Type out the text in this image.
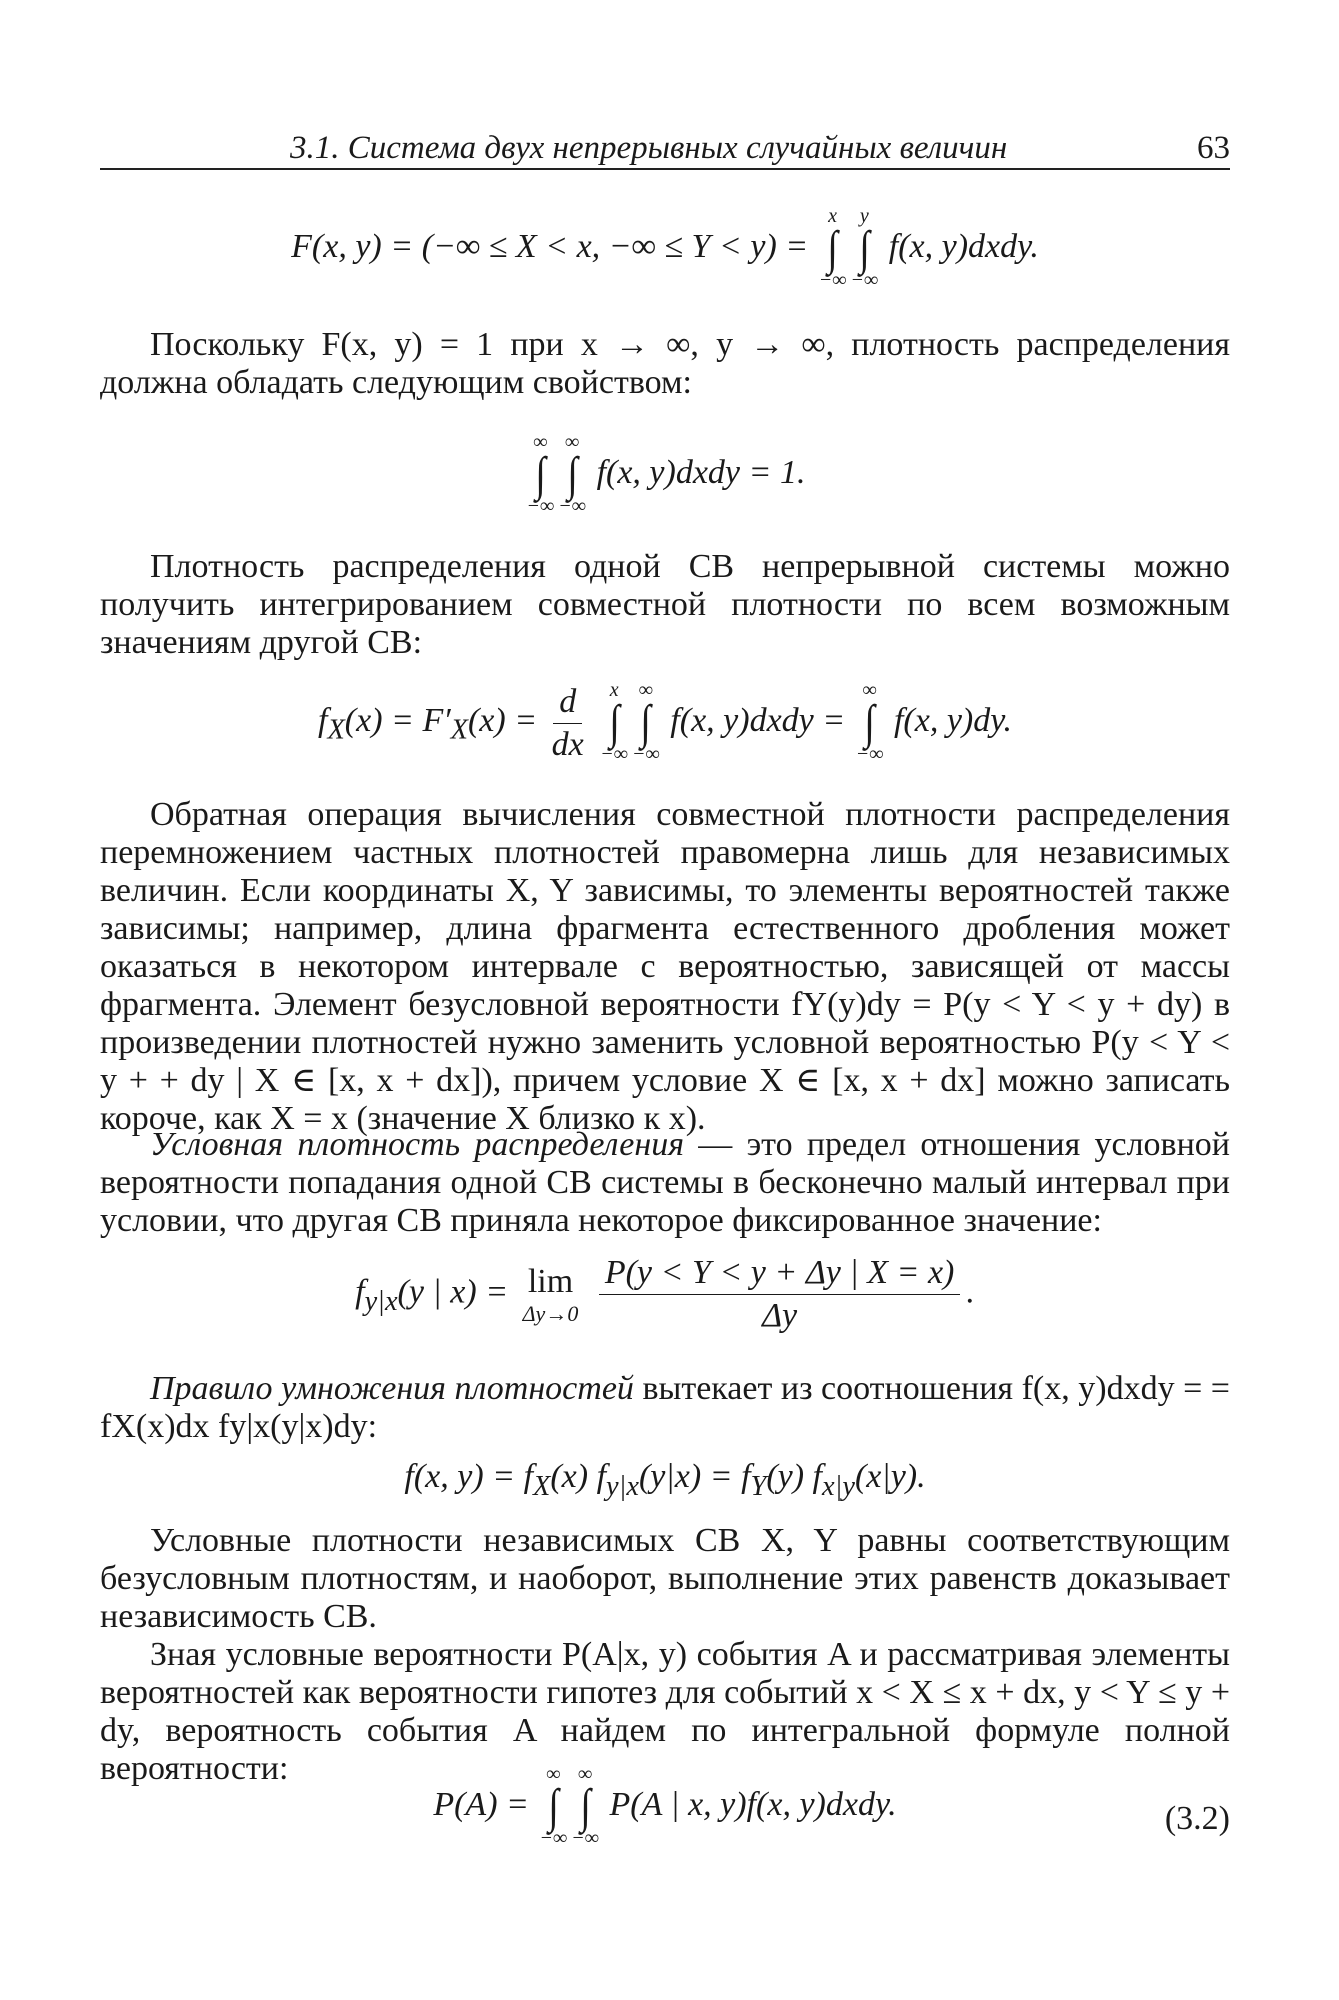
3.1. Система двух непрерывных случайных величин	63
F(x, y) = (−∞ ≤ X < x, −∞ ≤ Y < y) =
x
∫
−∞
y
∫
−∞
f(x, y)dxdy.

Поскольку F(x, y) = 1 при x → ∞, y → ∞, плотность распределения должна обладать следующим свойством:

∞
∫
−∞
∞
∫
−∞
f(x, y)dxdy = 1.

Плотность распределения одной СВ непрерывной системы можно получить интегрированием совместной плотности по всем возможным значениям другой СВ:

$f_X(x) = F'_X(x) = \frac{d}{dx}$
x
∫
−∞
∞
∫
−∞
f(x, y)dxdy =
∞
∫
−∞
f(x, y)dy.

Обратная операция вычисления совместной плотности распределения перемножением частных плотностей правомерна лишь для независимых величин. Если координаты X, Y зависимы, то элементы вероятностей также зависимы; например, длина фрагмента естественного дробления может оказаться в некотором интервале с вероятностью, зависящей от массы фрагмента. Элемент безусловной вероятности fY(y)dy = P(y < Y < y + dy) в произведении плотностей нужно заменить условной вероятностью P(y < Y < y + + dy | X ∈ [x, x + dx]), причем условие X ∈ [x, x + dx] можно записать короче, как X = x (значение X близко к x).

Условная плотность распределения — это предел отношения условной вероятности попадания одной СВ системы в бесконечно малый интервал при условии, что другая СВ приняла некоторое фиксированное значение:

$f_{y|x}(y$ | x) = lim
Δy→0
$\frac{P(y < Y < y + \Delta y | X = x)}{\Delta y}$ .

Правило умножения плотностей вытекает из соотношения f(x, y)dxdy = = fX(x)dx fy|x(y|x)dy:

f(x, $y) = f_X(x) f_{y|x}(y|x) = f_Y(y)$ $f_{x|y}(x|y)$.

Условные плотности независимых СВ X, Y равны соответствующим безусловным плотностям, и наоборот, выполнение этих равенств доказывает независимость СВ.

Зная условные вероятности P(A|x, y) события A и рассматривая элементы вероятностей как вероятности гипотез для событий x < X ≤ x + dx, y < Y ≤ y + dy, вероятность события A найдем по интегральной формуле полной вероятности:

P(A) =
∞
∫
−∞
∞
∫
−∞
P(A | x, y)f(x, y)dxdy.	(3.2)
